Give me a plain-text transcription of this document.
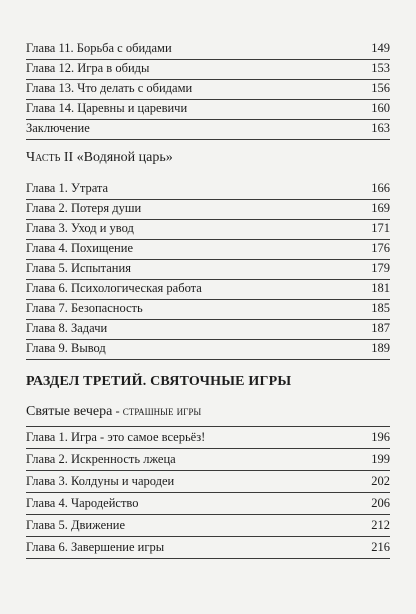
Глава 11. Борьба с обидами	149
Глава 12. Игра в обиды	153
Глава 13. Что делать с обидами	156
Глава 14. Царевны и царевичи	160
Заключение	163
Часть II «Водяной царь»
Глава 1. Утрата	166
Глава 2. Потеря души	169
Глава 3. Уход и увод	171
Глава 4. Похищение	176
Глава 5. Испытания	179
Глава 6. Психологическая работа	181
Глава 7. Безопасность	185
Глава 8. Задачи	187
Глава 9. Вывод	189
РАЗДЕЛ ТРЕТИЙ. СВЯТОЧНЫЕ ИГРЫ
Святые вечера - страшные игры
Глава 1. Игра - это самое всерьёз!	196
Глава 2. Искренность лжеца	199
Глава 3. Колдуны и чародеи	202
Глава 4. Чародейство	206
Глава 5. Движение	212
Глава 6. Завершение игры	216
